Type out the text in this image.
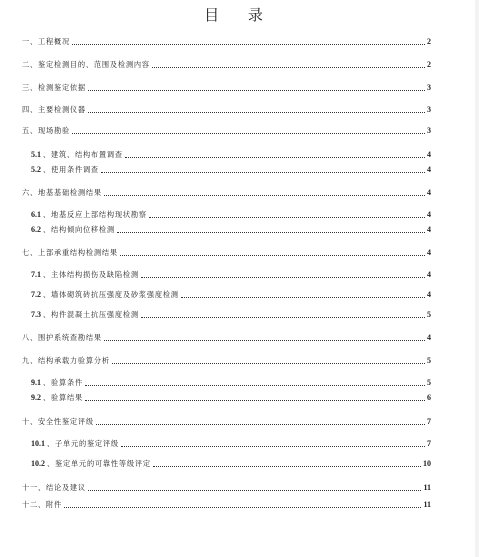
目 录
一、工程概况	2
二、鉴定检测目的、范围及检测内容	2
三、检测鉴定依据	3
四、主要检测仪器	3
五、现场勘验	3
5.1 、建筑、结构布置调查	4
5.2 、使用条件调查	4
六、地基基础检测结果	4
6.1 、地基反应上部结构现状勘察	4
6.2 、结构倾向位移检测	4
七、上部承重结构检测结果	4
7.1 、主体结构损伤及缺陷检测	4
7.2 、墙体砌筑砖抗压强度及砂浆强度检测	4
7.3 、构件混凝土抗压强度检测	5
八、围护系统查勘结果	4
九、结构承载力验算分析	5
9.1 、验算条件	5
9.2 、验算结果	6
十、安全性鉴定评级	7
10.1 、子单元的鉴定评级	7
10.2 、鉴定单元的可靠性等级评定	10
十一、结论及建议	11
十二、附件	11
